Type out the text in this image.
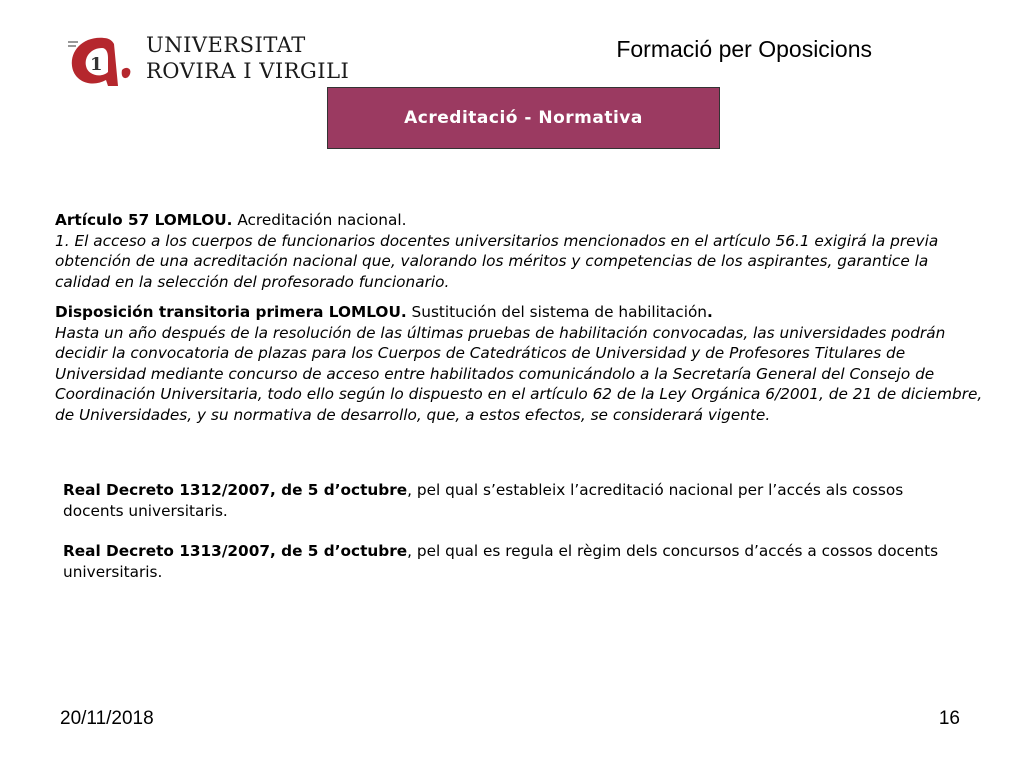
1
UNIVERSITAT
ROVIRA I VIRGILI
Formació per Oposicions
Acreditació - Normativa

Artículo 57 LOMLOU. Acreditación nacional.
1. El acceso a los cuerpos de funcionarios docentes universitarios mencionados en el artículo 56.1 exigirá la previa obtención de una acreditación nacional que, valorando los méritos y competencias de los aspirantes, garantice la calidad en la selección del profesorado funcionario.

Disposición transitoria primera LOMLOU. Sustitución del sistema de habilitación.
Hasta un año después de la resolución de las últimas pruebas de habilitación convocadas, las universidades podrán decidir la convocatoria de plazas para los Cuerpos de Catedráticos de Universidad y de Profesores Titulares de Universidad mediante concurso de acceso entre habilitados comunicándolo a la Secretaría General del Consejo de Coordinación Universitaria, todo ello según lo dispuesto en el artículo 62 de la Ley Orgánica 6/2001, de 21 de diciembre, de Universidades, y su normativa de desarrollo, que, a estos efectos, se considerará vigente.

Real Decreto 1312/2007, de 5 d’octubre, pel qual s’estableix l’acreditació nacional per l’accés als cossos docents universitaris.

Real Decreto 1313/2007, de 5 d’octubre, pel qual es regula el règim dels concursos d’accés a cossos docents universitaris.

20/11/2018	16
